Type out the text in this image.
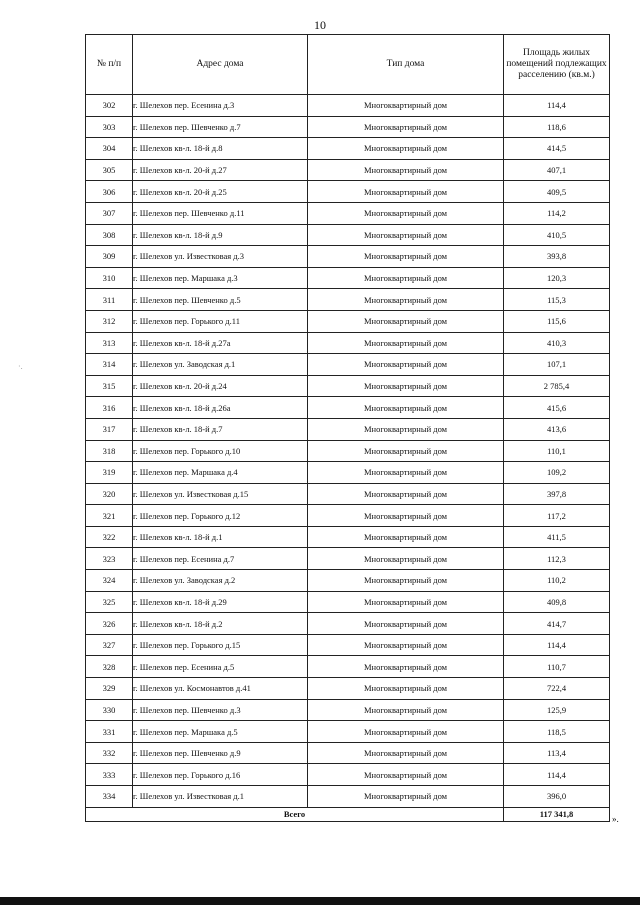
10
№ п/п	Адрес дома	Тип дома	Площадь жилых помещений подлежащих расселению (кв.м.)
302	г. Шелехов пер. Есенина д.3	Многоквартирный дом	114,4
303	г. Шелехов пер. Шевченко д.7	Многоквартирный дом	118,6
304	г. Шелехов кв-л. 18-й д.8	Многоквартирный дом	414,5
305	г. Шелехов кв-л. 20-й д.27	Многоквартирный дом	407,1
306	г. Шелехов кв-л. 20-й д.25	Многоквартирный дом	409,5
307	г. Шелехов пер. Шевченко д.11	Многоквартирный дом	114,2
308	г. Шелехов кв-л. 18-й д.9	Многоквартирный дом	410,5
309	г. Шелехов ул. Известковая д.3	Многоквартирный дом	393,8
310	г. Шелехов пер. Маршака д.3	Многоквартирный дом	120,3
311	г. Шелехов пер. Шевченко д.5	Многоквартирный дом	115,3
312	г. Шелехов пер. Горького д.11	Многоквартирный дом	115,6
313	г. Шелехов кв-л. 18-й д.27а	Многоквартирный дом	410,3
314	г. Шелехов ул. Заводская д.1	Многоквартирный дом	107,1
315	г. Шелехов кв-л. 20-й д.24	Многоквартирный дом	2 785,4
316	г. Шелехов кв-л. 18-й д.26а	Многоквартирный дом	415,6
317	г. Шелехов кв-л. 18-й д.7	Многоквартирный дом	413,6
318	г. Шелехов пер. Горького д.10	Многоквартирный дом	110,1
319	г. Шелехов пер. Маршака д.4	Многоквартирный дом	109,2
320	г. Шелехов ул. Известковая д.15	Многоквартирный дом	397,8
321	г. Шелехов пер. Горького д.12	Многоквартирный дом	117,2
322	г. Шелехов кв-л. 18-й д.1	Многоквартирный дом	411,5
323	г. Шелехов пер. Есенина д.7	Многоквартирный дом	112,3
324	г. Шелехов ул. Заводская д.2	Многоквартирный дом	110,2
325	г. Шелехов кв-л. 18-й д.29	Многоквартирный дом	409,8
326	г. Шелехов кв-л. 18-й д.2	Многоквартирный дом	414,7
327	г. Шелехов пер. Горького д.15	Многоквартирный дом	114,4
328	г. Шелехов пер. Есенина д.5	Многоквартирный дом	110,7
329	г. Шелехов ул. Космонавтов д.41	Многоквартирный дом	722,4
330	г. Шелехов пер. Шевченко д.3	Многоквартирный дом	125,9
331	г. Шелехов пер. Маршака д.5	Многоквартирный дом	118,5
332	г. Шелехов пер. Шевченко д.9	Многоквартирный дом	113,4
333	г. Шелехов пер. Горького д.16	Многоквартирный дом	114,4
334	г. Шелехов ул. Известковая д.1	Многоквартирный дом	396,0
Всего			117 341,8	».
·.
